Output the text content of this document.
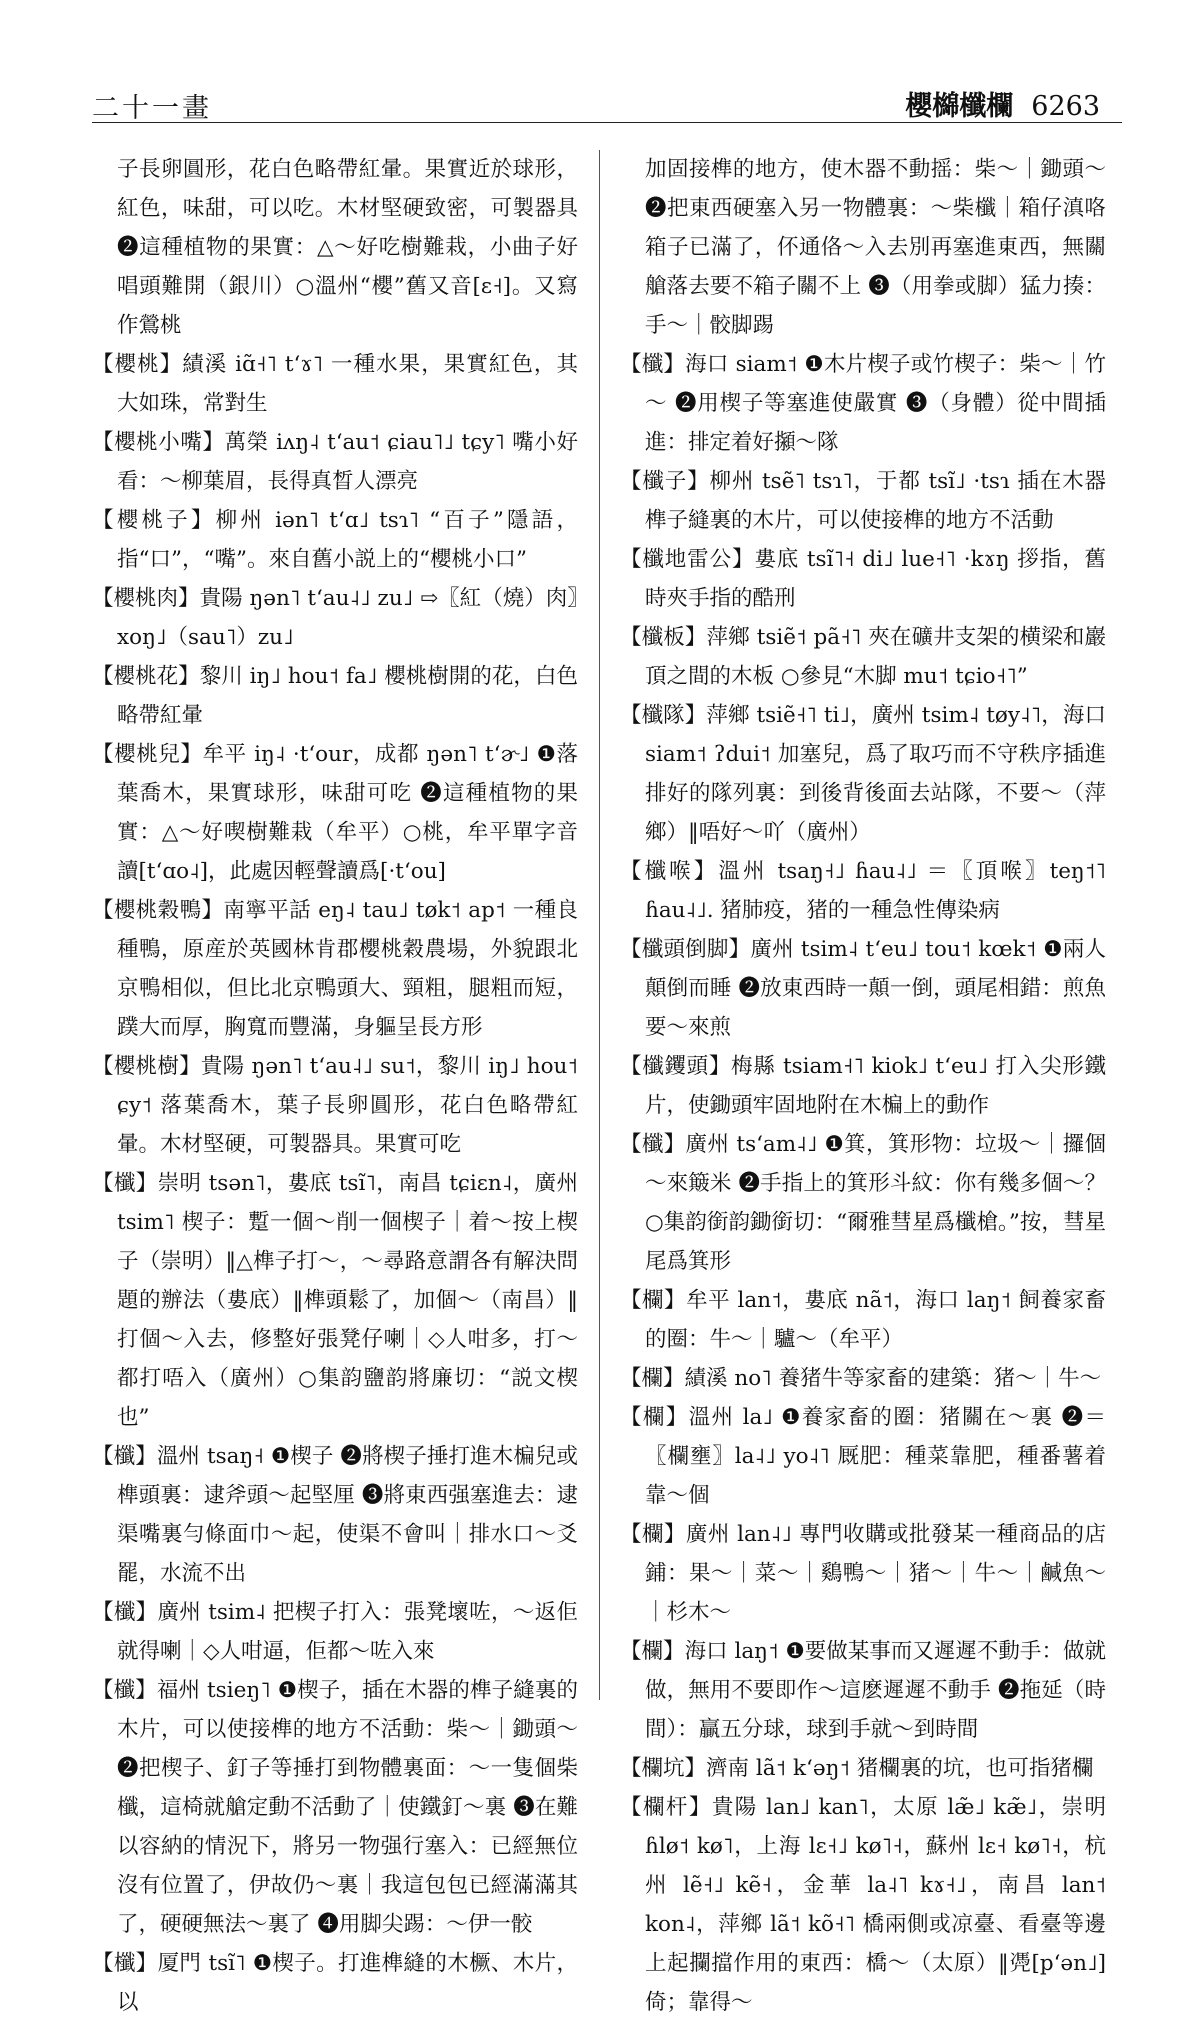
二十一畫	櫻檰櫼欄 6263

子長卵圓形，花白色略帶紅暈。果實近於球形，紅色，味甜，可以吃。木材堅硬致密，可製器具 ❷這種植物的果實：△～好吃樹難栽，小曲子好唱頭難開（銀川）○溫州“櫻”舊又音[ɛ˧]。又寫作鶯桃

【櫻桃】績溪 iɑ̃˧˥ tʻɤ˥ 一種水果，果實紅色，其大如珠，常對生

【櫻桃小嘴】萬榮 iʌŋ˨ tʻau˦ ɕiau˥˩ tɕy˥ 嘴小好看：～柳葉眉，長得真晳人漂亮

【櫻桃子】柳州 iən˥ tʻɑ˩ tsɿ˥ “百子”隱語，指“口”，“嘴”。來自舊小説上的“櫻桃小口”

【櫻桃肉】貴陽 ŋən˥ tʻau˨˩ zu˩ ⇨〖紅（燒）肉〗xoŋ˩（sau˥）zu˩

【櫻桃花】黎川 iŋ˩ hou˦ fa˩ 櫻桃樹開的花，白色略帶紅暈

【櫻桃兒】牟平 iŋ˨ ·tʻour，成都 ŋən˥ tʻɚ˩ ❶落葉喬木，果實球形，味甜可吃 ❷這種植物的果實：△～好喫樹難栽（牟平）○桃，牟平單字音讀[tʻɑo˨]，此處因輕聲讀爲[·tʻou]

【櫻桃穀鴨】南寧平話 eŋ˨ tau˩ tøk˦ ap˦ 一種良種鴨，原産於英國林肯郡櫻桃穀農場，外貌跟北京鴨相似，但比北京鴨頭大、頸粗，腿粗而短，蹼大而厚，胸寬而豐滿，身軀呈長方形

【櫻桃樹】貴陽 ŋən˥ tʻau˨˩ su˦，黎川 iŋ˩ hou˦ ɕy˦ 落葉喬木，葉子長卵圓形，花白色略帶紅暈。木材堅硬，可製器具。果實可吃

【櫼】崇明 tsən˥，婁底 tsĩ˥，南昌 tɕiɛn˨，廣州 tsim˥ 楔子：蹔一個～削一個楔子｜着～按上楔子（崇明）‖△榫子打～，～尋路意謂各有解決問題的辦法（婁底）‖榫頭鬆了，加個～（南昌）‖打個～入去，修整好張凳仔喇｜◇人咁多，打～都打唔入（廣州）○集韵鹽韵將廉切：“説文楔也”

【櫼】溫州 tsaŋ˧ ❶楔子 ❷將楔子捶打進木楄兒或榫頭裏：逮斧頭～起堅厘 ❸將東西强塞進去：逮渠嘴裏勻條面巾～起，使渠不會叫｜排水口～爻罷，水流不出

【櫼】廣州 tsim˨ 把楔子打入：張凳壞咗，～返佢就得喇｜◇人咁逼，佢都～咗入來

【櫼】福州 tsieŋ˥ ❶楔子，插在木器的榫子縫裏的木片，可以使接榫的地方不活動：柴～｜鋤頭～ ❷把楔子、釘子等捶打到物體裏面：～一隻個柴櫼，這椅就艙定動不活動了｜使鐵釘～裏 ❸在難以容納的情況下，將另一物强行塞入：已經無位沒有位置了，伊故仍～裏｜我這包包已經滿滿其了，硬硬無法～裏了 ❹用脚尖踢：～伊一骹

【櫼】厦門 tsĩ˥ ❶楔子。打進榫縫的木橛、木片，以

加固接榫的地方，使木器不動摇：柴～｜鋤頭～ ❷把東西硬塞入另一物體裏：～柴櫼｜箱仔滇咯箱子已滿了，伓通佫～入去別再塞進東西，無關艙落去要不箱子關不上 ❸（用拳或脚）猛力揍：手～｜骹脚踢

【櫼】海口 siam˦ ❶木片楔子或竹楔子：柴～｜竹～ ❷用楔子等塞進使嚴實 ❸（身體）從中間插進：排定着好㩩～隊

【櫼子】柳州 tsẽ˥ tsɿ˥，于都 tsĩ˩ ·tsɿ 插在木器榫子縫裏的木片，可以使接榫的地方不活動

【櫼地雷公】婁底 tsĩ˥˧ di˩ lue˧˥ ·kɤŋ 拶指，舊時夾手指的酷刑

【櫼板】萍鄉 tsiẽ˦ pã˧˥ 夾在礦井支架的横梁和巖頂之間的木板 ○參見“木脚 mu˦ tɕio˧˥”

【櫼隊】萍鄉 tsiẽ˧˥ ti˩，廣州 tsim˨ tøy˨˥，海口 siam˦ ʔdui˦ 加塞兒，爲了取巧而不守秩序插進排好的隊列裏：到後背後面去站隊，不要～（萍鄉）‖唔好～吖（廣州）

【櫼喉】溫州 tsaŋ˧˩ ɦau˨˩ ＝〖頂喉〗teŋ˦˥ ɦau˨˩. 猪肺疫，猪的一種急性傳染病

【櫼頭倒脚】廣州 tsim˨ tʻeu˩ tou˦ kœk˦ ❶兩人顛倒而睡 ❷放東西時一顛一倒，頭尾相錯：煎魚要～來煎

【櫼钁頭】梅縣 tsiam˧˥ kiok˩ tʻeu˩ 打入尖形鐵片，使鋤頭牢固地附在木楄上的動作

【櫼】廣州 tsʻam˨˩ ❶箕，箕形物：垃圾～｜攞個～來簸米 ❷手指上的箕形斗紋：你有幾多個～？○集韵銜韵鋤銜切：“爾雅彗星爲櫼槍。”按，彗星尾爲箕形

【欄】牟平 lan˦，婁底 nã˦，海口 laŋ˦ 飼養家畜的圈：牛～｜驢～（牟平）

【欄】績溪 no˥ 養猪牛等家畜的建築：猪～｜牛～

【欄】溫州 la˩ ❶養家畜的圈：猪關在～裏 ❷＝〖欄壅〗la˨˩ yo˨˥ 厩肥：種菜靠肥，種番薯着靠～個

【欄】廣州 lan˨˩ 專門收購或批發某一種商品的店鋪：果～｜菜～｜鷄鴨～｜猪～｜牛～｜鹹魚～｜杉木～

【欄】海口 laŋ˦ ❶要做某事而又遲遲不動手：做就做，無用不要即作～這麽遲遲不動手 ❷拖延（時間）：贏五分球，球到手就～到時間

【欄坑】濟南 lã˦ kʻəŋ˦ 猪欄裏的坑，也可指猪欄

【欄杆】貴陽 lan˩ kan˥，太原 læ̃˩ kæ̃˩，崇明 ɦlø˦ kø˥，上海 lɛ˧˩ kø˥˧，蘇州 lɛ˧ kø˥˧，杭州 lẽ˧˩ kẽ˧，金華 la˨˥ kɤ˧˩，南昌 lan˦ kon˨，萍鄉 lã˦ kõ˧˥ 橋兩側或凉臺、看臺等邊上起攔擋作用的東西：橋～（太原）‖凴[pʻən˩]倚；靠得～
